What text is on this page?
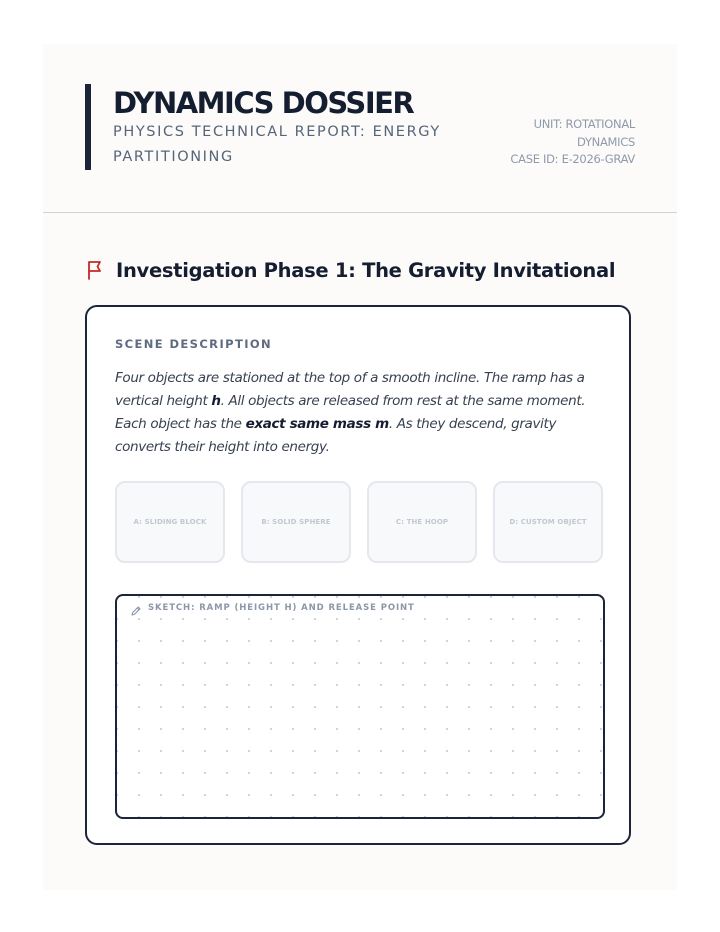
DYNAMICS DOSSIER
PHYSICS TECHNICAL REPORT: ENERGY PARTITIONING
UNIT: ROTATIONAL DYNAMICS
CASE ID: E-2026-GRAV
Investigation Phase 1: The Gravity Invitational
SCENE DESCRIPTION

Four objects are stationed at the top of a smooth incline. The ramp has a vertical height h. All objects are released from rest at the same moment. Each object has the exact same mass m. As they descend, gravity converts their height into energy.

A: SLIDING BLOCK	B: SOLID SPHERE	C: THE HOOP	D: CUSTOM OBJECT
SKETCH: RAMP (HEIGHT H) AND RELEASE POINT
